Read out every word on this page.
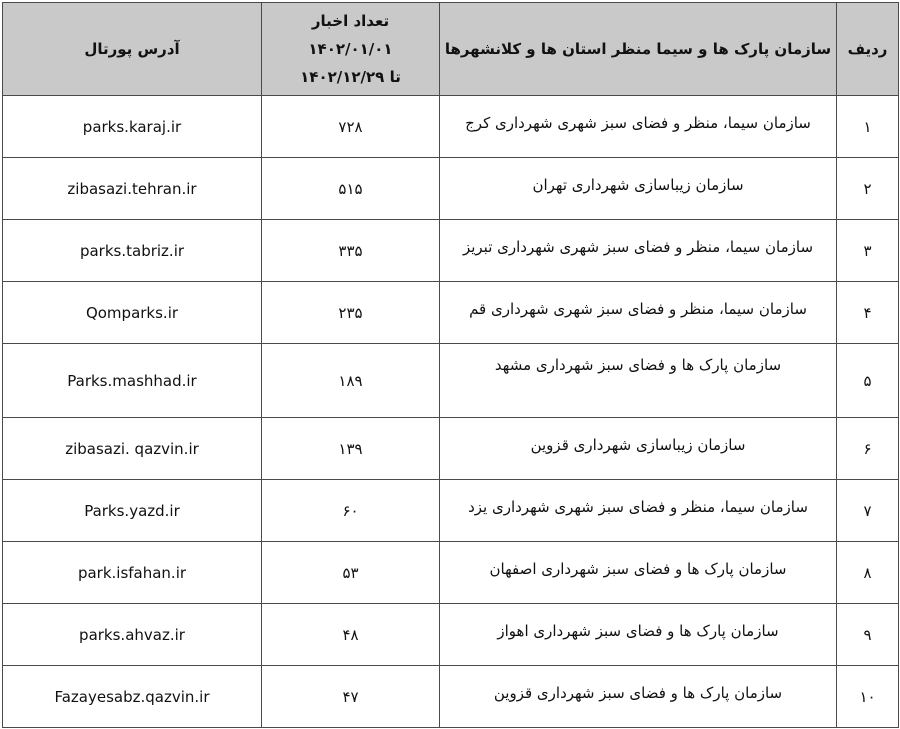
ردیف	سازمان پارک ها و سیما منظر استان ها و کلانشهرها	تعداد اخبار
۱۴۰۲/۰۱/۰۱
تا ۱۴۰۲/۱۲/۲۹	آدرس پورتال
۱	سازمان سیما، منظر و فضای سبز شهری شهرداری کرج	۷۲۸	parks.karaj.ir
۲	سازمان زیباسازی شهرداری تهران	۵۱۵	zibasazi.tehran.ir
۳	سازمان سیما، منظر و فضای سبز شهری شهرداری تبریز	۳۳۵	parks.tabriz.ir
۴	سازمان سیما، منظر و فضای سبز شهری شهرداری قم	۲۳۵	Qomparks.ir
۵	سازمان پارک ها و فضای سبز شهرداری مشهد	۱۸۹	Parks.mashhad.ir
۶	سازمان زیباسازی شهرداری قزوین	۱۳۹	zibasazi. qazvin.ir
۷	سازمان سیما، منظر و فضای سبز شهری شهرداری یزد	۶۰	Parks.yazd.ir
۸	سازمان پارک ها و فضای سبز شهرداری اصفهان	۵۳	park.isfahan.ir
۹	سازمان پارک ها و فضای سبز شهرداری اهواز	۴۸	parks.ahvaz.ir
۱۰	سازمان پارک ها و فضای سبز شهرداری قزوین	۴۷	Fazayesabz.qazvin.ir
